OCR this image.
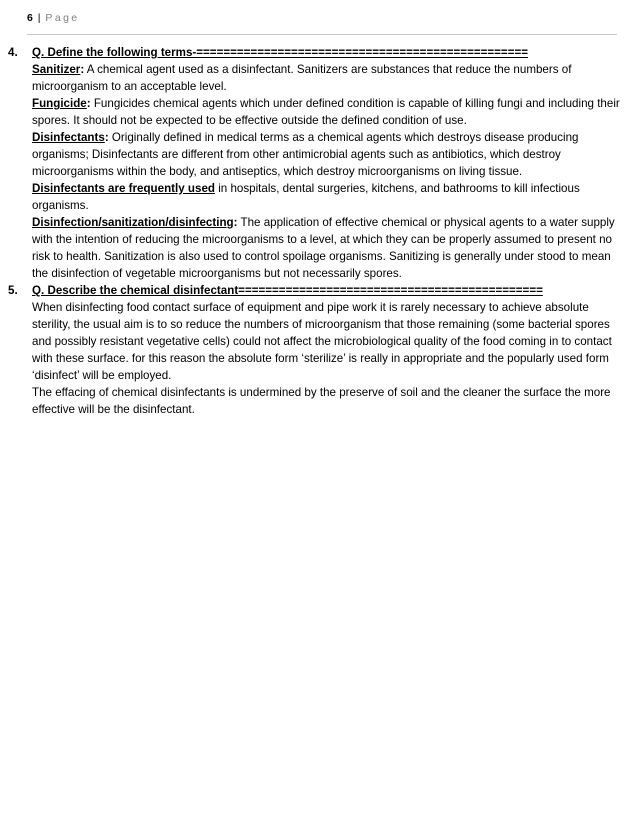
6 | Page
4.	Q. Define the following terms-=================================================

Sanitizer: A chemical agent used as a disinfectant. Sanitizers are substances that reduce the numbers of microorganism to an acceptable level.

Fungicide: Fungicides chemical agents which under defined condition is capable of killing fungi and including their spores. It should not be expected to be effective outside the defined condition of use.

Disinfectants: Originally defined in medical terms as a chemical agents which destroys disease producing organisms; Disinfectants are different from other antimicrobial agents such as antibiotics, which destroy microorganisms within the body, and antiseptics, which destroy microorganisms on living tissue.

Disinfectants are frequently used in hospitals, dental surgeries, kitchens, and bathrooms to kill infectious organisms.

Disinfection/sanitization/disinfecting: The application of effective chemical or physical agents to a water supply with the intention of reducing the microorganisms to a level, at which they can be properly assumed to present no risk to health. Sanitization is also used to control spoilage organisms. Sanitizing is generally under stood to mean the disinfection of vegetable microorganisms but not necessarily spores.

5.	Q. Describe the chemical disinfectant=============================================

When disinfecting food contact surface of equipment and pipe work it is rarely necessary to achieve absolute sterility, the usual aim is to so reduce the numbers of microorganism that those remaining (some bacterial spores and possibly resistant vegetative cells) could not affect the microbiological quality of the food coming in to contact with these surface. for this reason the absolute form ‘sterilize’ is really in appropriate and the popularly used form ‘disinfect’ will be employed.

The effacing of chemical disinfectants is undermined by the preserve of soil and the cleaner the surface the more effective will be the disinfectant.
